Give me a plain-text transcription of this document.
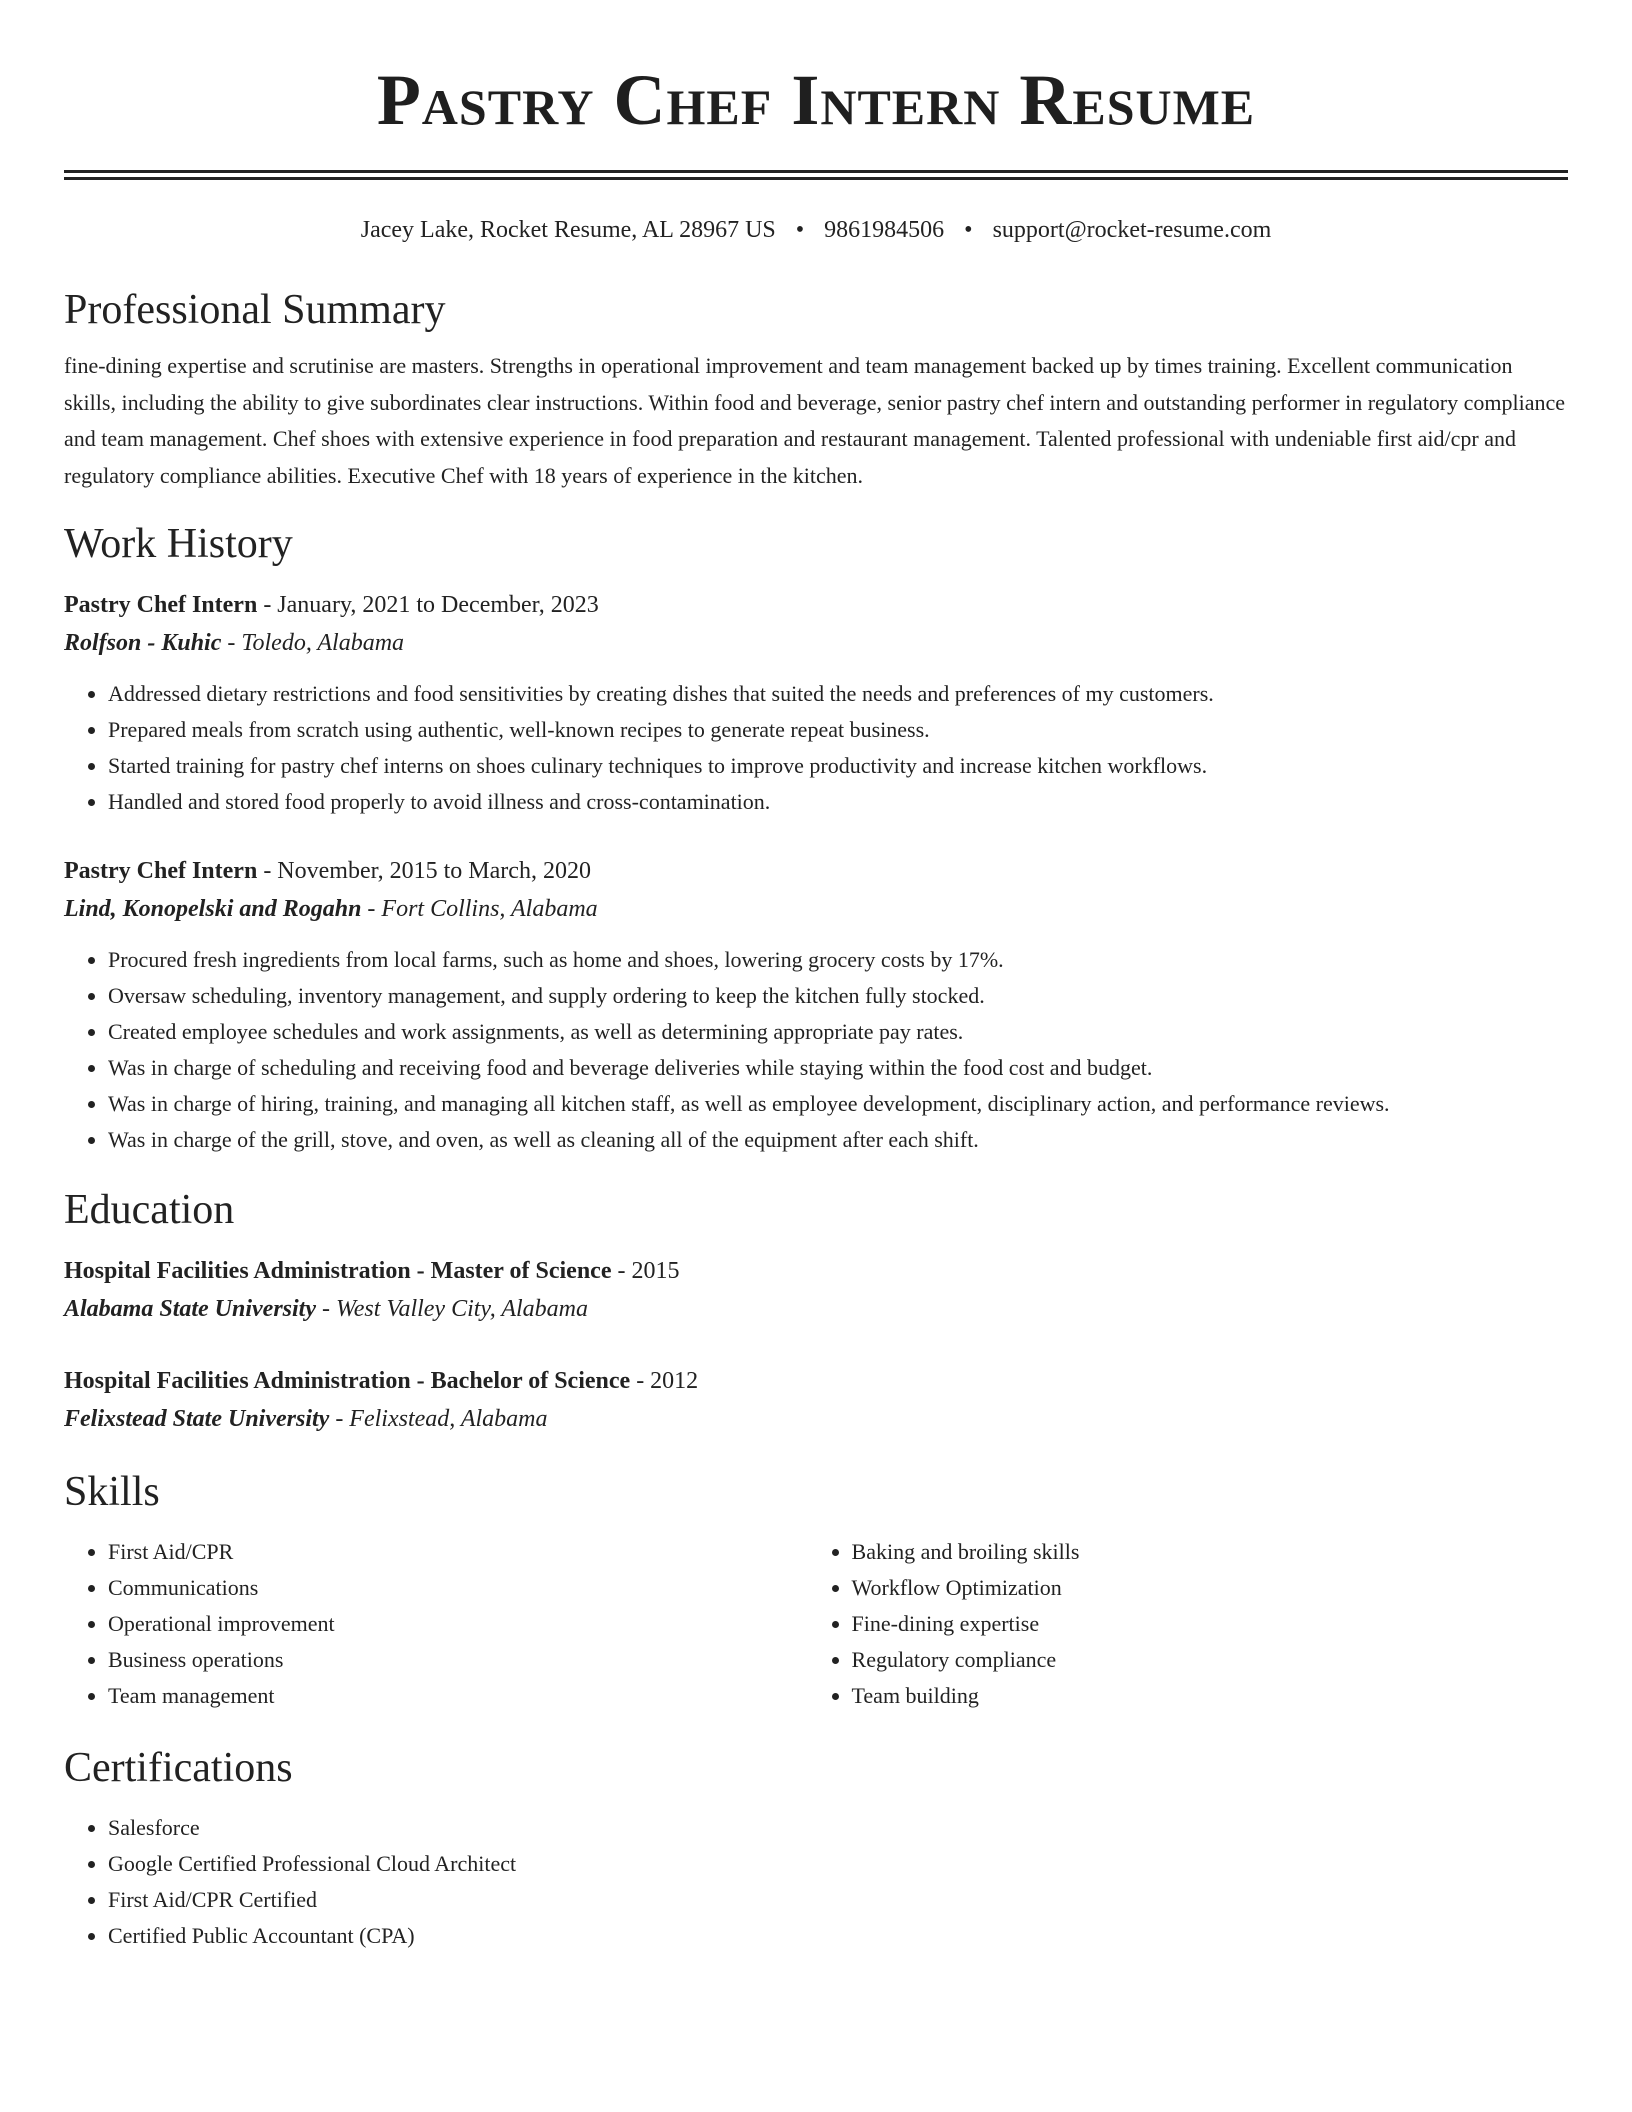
Pastry Chef Intern Resume
Jacey Lake, Rocket Resume, AL 28967 US • 9861984506 • support@rocket-resume.com
Professional Summary

fine-dining expertise and scrutinise are masters. Strengths in operational improvement and team management backed up by times training. Excellent communication skills, including the ability to give subordinates clear instructions. Within food and beverage, senior pastry chef intern and outstanding performer in regulatory compliance and team management. Chef shoes with extensive experience in food preparation and restaurant management. Talented professional with undeniable first aid/cpr and regulatory compliance abilities. Executive Chef with 18 years of experience in the kitchen.

Work History
Pastry Chef Intern - January, 2021 to December, 2023
Rolfson - Kuhic - Toledo, Alabama
• Addressed dietary restrictions and food sensitivities by creating dishes that suited the needs and preferences of my customers.
• Prepared meals from scratch using authentic, well-known recipes to generate repeat business.
• Started training for pastry chef interns on shoes culinary techniques to improve productivity and increase kitchen workflows.
• Handled and stored food properly to avoid illness and cross-contamination.
Pastry Chef Intern - November, 2015 to March, 2020
Lind, Konopelski and Rogahn - Fort Collins, Alabama
• Procured fresh ingredients from local farms, such as home and shoes, lowering grocery costs by 17%.
• Oversaw scheduling, inventory management, and supply ordering to keep the kitchen fully stocked.
• Created employee schedules and work assignments, as well as determining appropriate pay rates.
• Was in charge of scheduling and receiving food and beverage deliveries while staying within the food cost and budget.
• Was in charge of hiring, training, and managing all kitchen staff, as well as employee development, disciplinary action, and performance reviews.
• Was in charge of the grill, stove, and oven, as well as cleaning all of the equipment after each shift.
Education
Hospital Facilities Administration - Master of Science - 2015
Alabama State University - West Valley City, Alabama
Hospital Facilities Administration - Bachelor of Science - 2012
Felixstead State University - Felixstead, Alabama
Skills
• First Aid/CPR
• Communications
• Operational improvement
• Business operations
• Team management
• Baking and broiling skills
• Workflow Optimization
• Fine-dining expertise
• Regulatory compliance
• Team building
Certifications
• Salesforce
• Google Certified Professional Cloud Architect
• First Aid/CPR Certified
• Certified Public Accountant (CPA)
